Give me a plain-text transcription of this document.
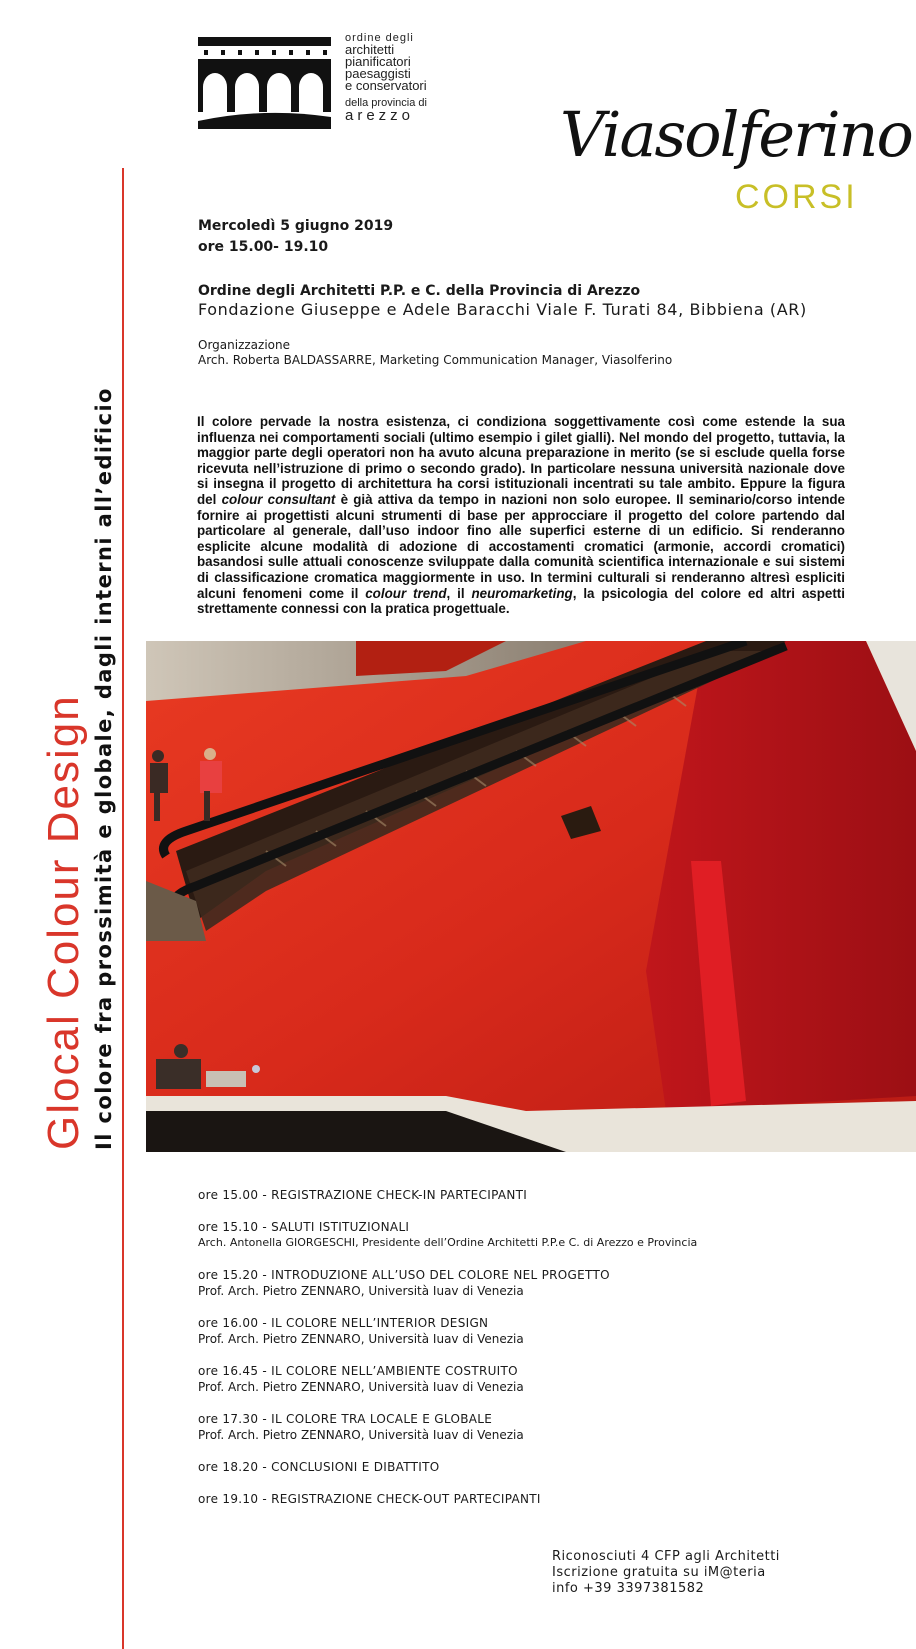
ordine degli
architetti
pianificatori
paesaggisti
e conservatori
della provincia di
arezzo	Viasolferino
CORSI
Glocal Colour Design Il colore fra prossimità e globale, dagli interni all’edificio
Mercoledì 5 giugno 2019
ore 15.00- 19.10
Ordine degli Architetti P.P. e C. della Provincia di Arezzo
Fondazione Giuseppe e Adele Baracchi Viale F. Turati 84, Bibbiena (AR)
Organizzazione
Arch. Roberta BALDASSARRE, Marketing Communication Manager, Viasolferino
Il colore pervade la nostra esistenza, ci condiziona soggettivamente così come estende la sua influenza nei comportamenti sociali (ultimo esempio i gilet gialli). Nel mondo del progetto, tuttavia, la maggior parte degli operatori non ha avuto alcuna preparazione in merito (se si esclude quella forse ricevuta nell’istruzione di primo o secondo grado). In particolare nessuna università nazionale dove si insegna il progetto di architettura ha corsi istituzionali incentrati su tale ambito. Eppure la figura del colour consultant è già attiva da tempo in nazioni non solo europee. Il seminario/corso intende fornire ai progettisti alcuni strumenti di base per approcciare il progetto del colore partendo dal particolare al generale, dall’uso indoor fino alle superfici esterne di un edificio. Si renderanno esplicite alcune modalità di adozione di accostamenti cromatici (armonie, accordi cromatici) basandosi sulle attuali conoscenze sviluppate dalla comunità scientifica internazionale e sui sistemi di classificazione cromatica maggiormente in uso. In termini culturali si renderanno altresì espliciti alcuni fenomeni come il colour trend, il neuromarketing, la psicologia del colore ed altri aspetti strettamente connessi con la pratica progettuale.
ore 15.00 - REGISTRAZIONE CHECK-IN PARTECIPANTI
ore 15.10 - SALUTI ISTITUZIONALI
Arch. Antonella GIORGESCHI, Presidente dell’Ordine Architetti P.P.e C. di Arezzo e Provincia
ore 15.20 - INTRODUZIONE ALL’USO DEL COLORE NEL PROGETTO
Prof. Arch. Pietro ZENNARO, Università Iuav di Venezia
ore 16.00 - IL COLORE NELL’INTERIOR DESIGN
Prof. Arch. Pietro ZENNARO, Università Iuav di Venezia
ore 16.45 - IL COLORE NELL’AMBIENTE COSTRUITO
Prof. Arch. Pietro ZENNARO, Università Iuav di Venezia
ore 17.30 - IL COLORE TRA LOCALE E GLOBALE
Prof. Arch. Pietro ZENNARO, Università Iuav di Venezia
ore 18.20 - CONCLUSIONI E DIBATTITO
ore 19.10 - REGISTRAZIONE CHECK-OUT PARTECIPANTI
Riconosciuti 4 CFP agli Architetti
Iscrizione gratuita su iM@teria
info +39 3397381582
